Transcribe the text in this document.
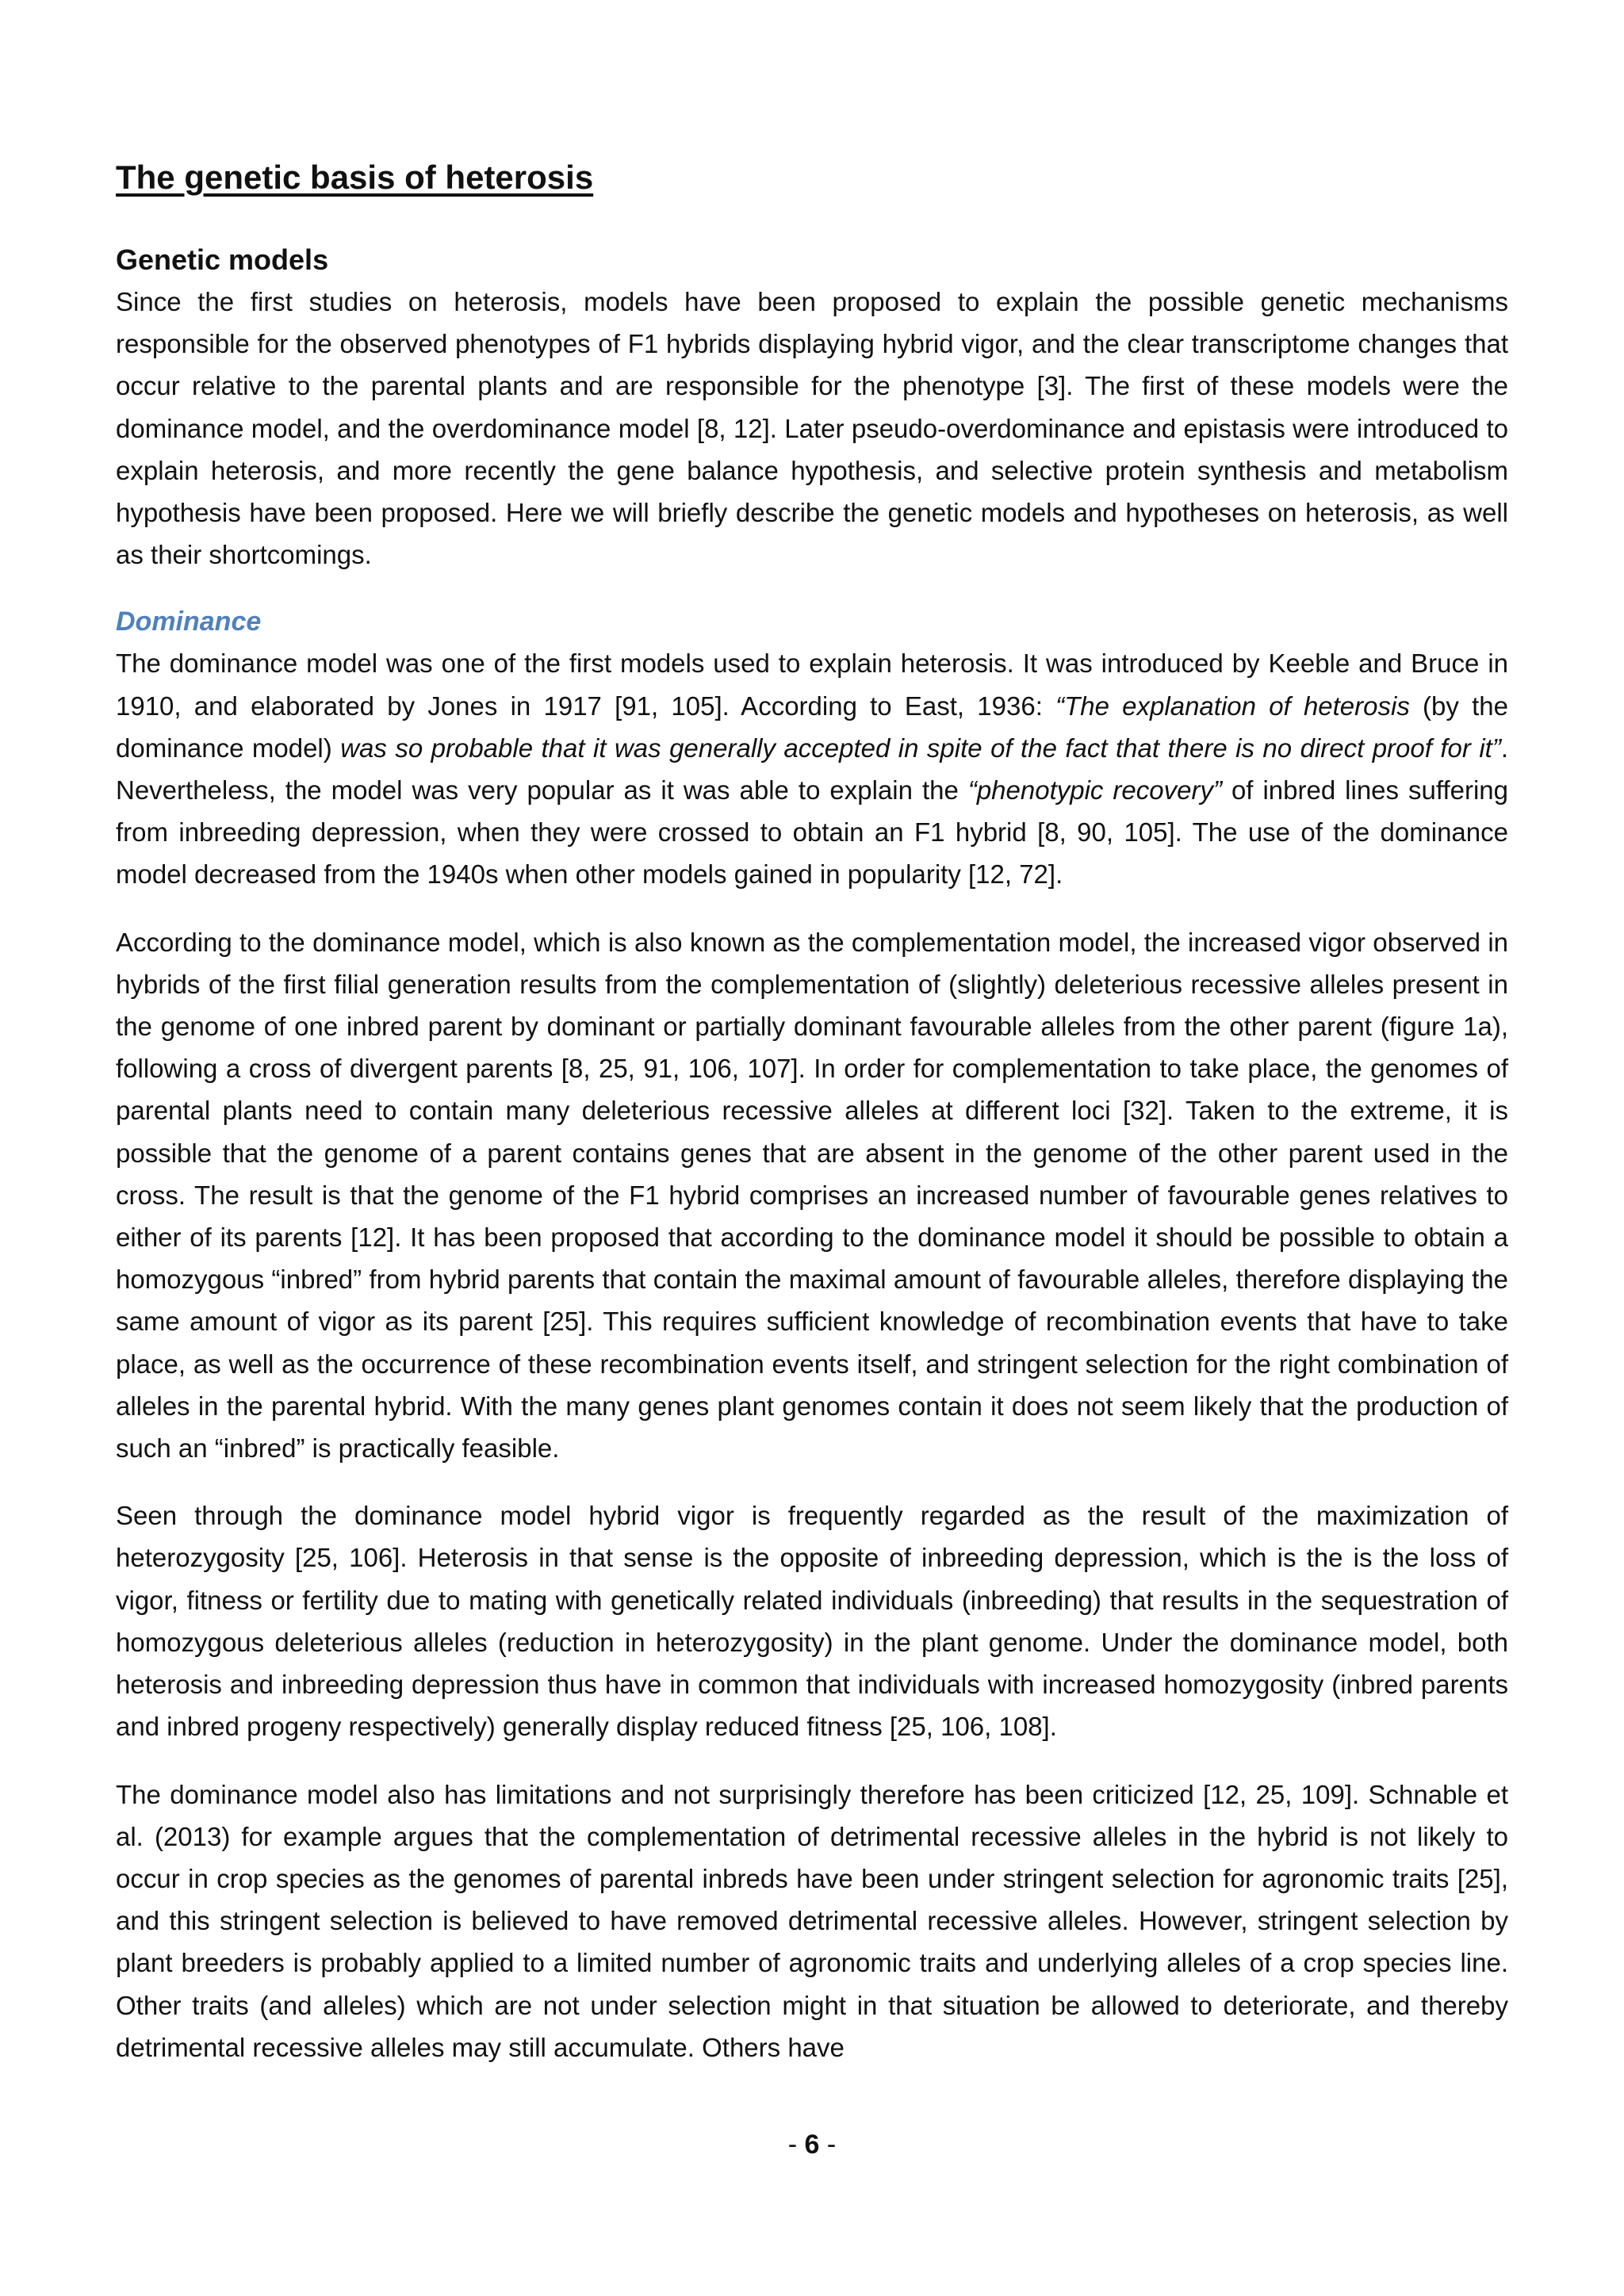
The genetic basis of heterosis
Genetic models

Since the first studies on heterosis, models have been proposed to explain the possible genetic mechanisms responsible for the observed phenotypes of F1 hybrids displaying hybrid vigor, and the clear transcriptome changes that occur relative to the parental plants and are responsible for the phenotype [3]. The first of these models were the dominance model, and the overdominance model [8, 12]. Later pseudo-overdominance and epistasis were introduced to explain heterosis, and more recently the gene balance hypothesis, and selective protein synthesis and metabolism hypothesis have been proposed. Here we will briefly describe the genetic models and hypotheses on heterosis, as well as their shortcomings.

Dominance

The dominance model was one of the first models used to explain heterosis. It was introduced by Keeble and Bruce in 1910, and elaborated by Jones in 1917 [91, 105]. According to East, 1936: “The explanation of heterosis (by the dominance model) was so probable that it was generally accepted in spite of the fact that there is no direct proof for it”. Nevertheless, the model was very popular as it was able to explain the “phenotypic recovery” of inbred lines suffering from inbreeding depression, when they were crossed to obtain an F1 hybrid [8, 90, 105]. The use of the dominance model decreased from the 1940s when other models gained in popularity [12, 72].

According to the dominance model, which is also known as the complementation model, the increased vigor observed in hybrids of the first filial generation results from the complementation of (slightly) deleterious recessive alleles present in the genome of one inbred parent by dominant or partially dominant favourable alleles from the other parent (figure 1a), following a cross of divergent parents [8, 25, 91, 106, 107]. In order for complementation to take place, the genomes of parental plants need to contain many deleterious recessive alleles at different loci [32]. Taken to the extreme, it is possible that the genome of a parent contains genes that are absent in the genome of the other parent used in the cross. The result is that the genome of the F1 hybrid comprises an increased number of favourable genes relatives to either of its parents [12]. It has been proposed that according to the dominance model it should be possible to obtain a homozygous “inbred” from hybrid parents that contain the maximal amount of favourable alleles, therefore displaying the same amount of vigor as its parent [25]. This requires sufficient knowledge of recombination events that have to take place, as well as the occurrence of these recombination events itself, and stringent selection for the right combination of alleles in the parental hybrid. With the many genes plant genomes contain it does not seem likely that the production of such an “inbred” is practically feasible.

Seen through the dominance model hybrid vigor is frequently regarded as the result of the maximization of heterozygosity [25, 106]. Heterosis in that sense is the opposite of inbreeding depression, which is the is the loss of vigor, fitness or fertility due to mating with genetically related individuals (inbreeding) that results in the sequestration of homozygous deleterious alleles (reduction in heterozygosity) in the plant genome. Under the dominance model, both heterosis and inbreeding depression thus have in common that individuals with increased homozygosity (inbred parents and inbred progeny respectively) generally display reduced fitness [25, 106, 108].

The dominance model also has limitations and not surprisingly therefore has been criticized [12, 25, 109]. Schnable et al. (2013) for example argues that the complementation of detrimental recessive alleles in the hybrid is not likely to occur in crop species as the genomes of parental inbreds have been under stringent selection for agronomic traits [25], and this stringent selection is believed to have removed detrimental recessive alleles. However, stringent selection by plant breeders is probably applied to a limited number of agronomic traits and underlying alleles of a crop species line. Other traits (and alleles) which are not under selection might in that situation be allowed to deteriorate, and thereby detrimental recessive alleles may still accumulate. Others have

- 6 -
